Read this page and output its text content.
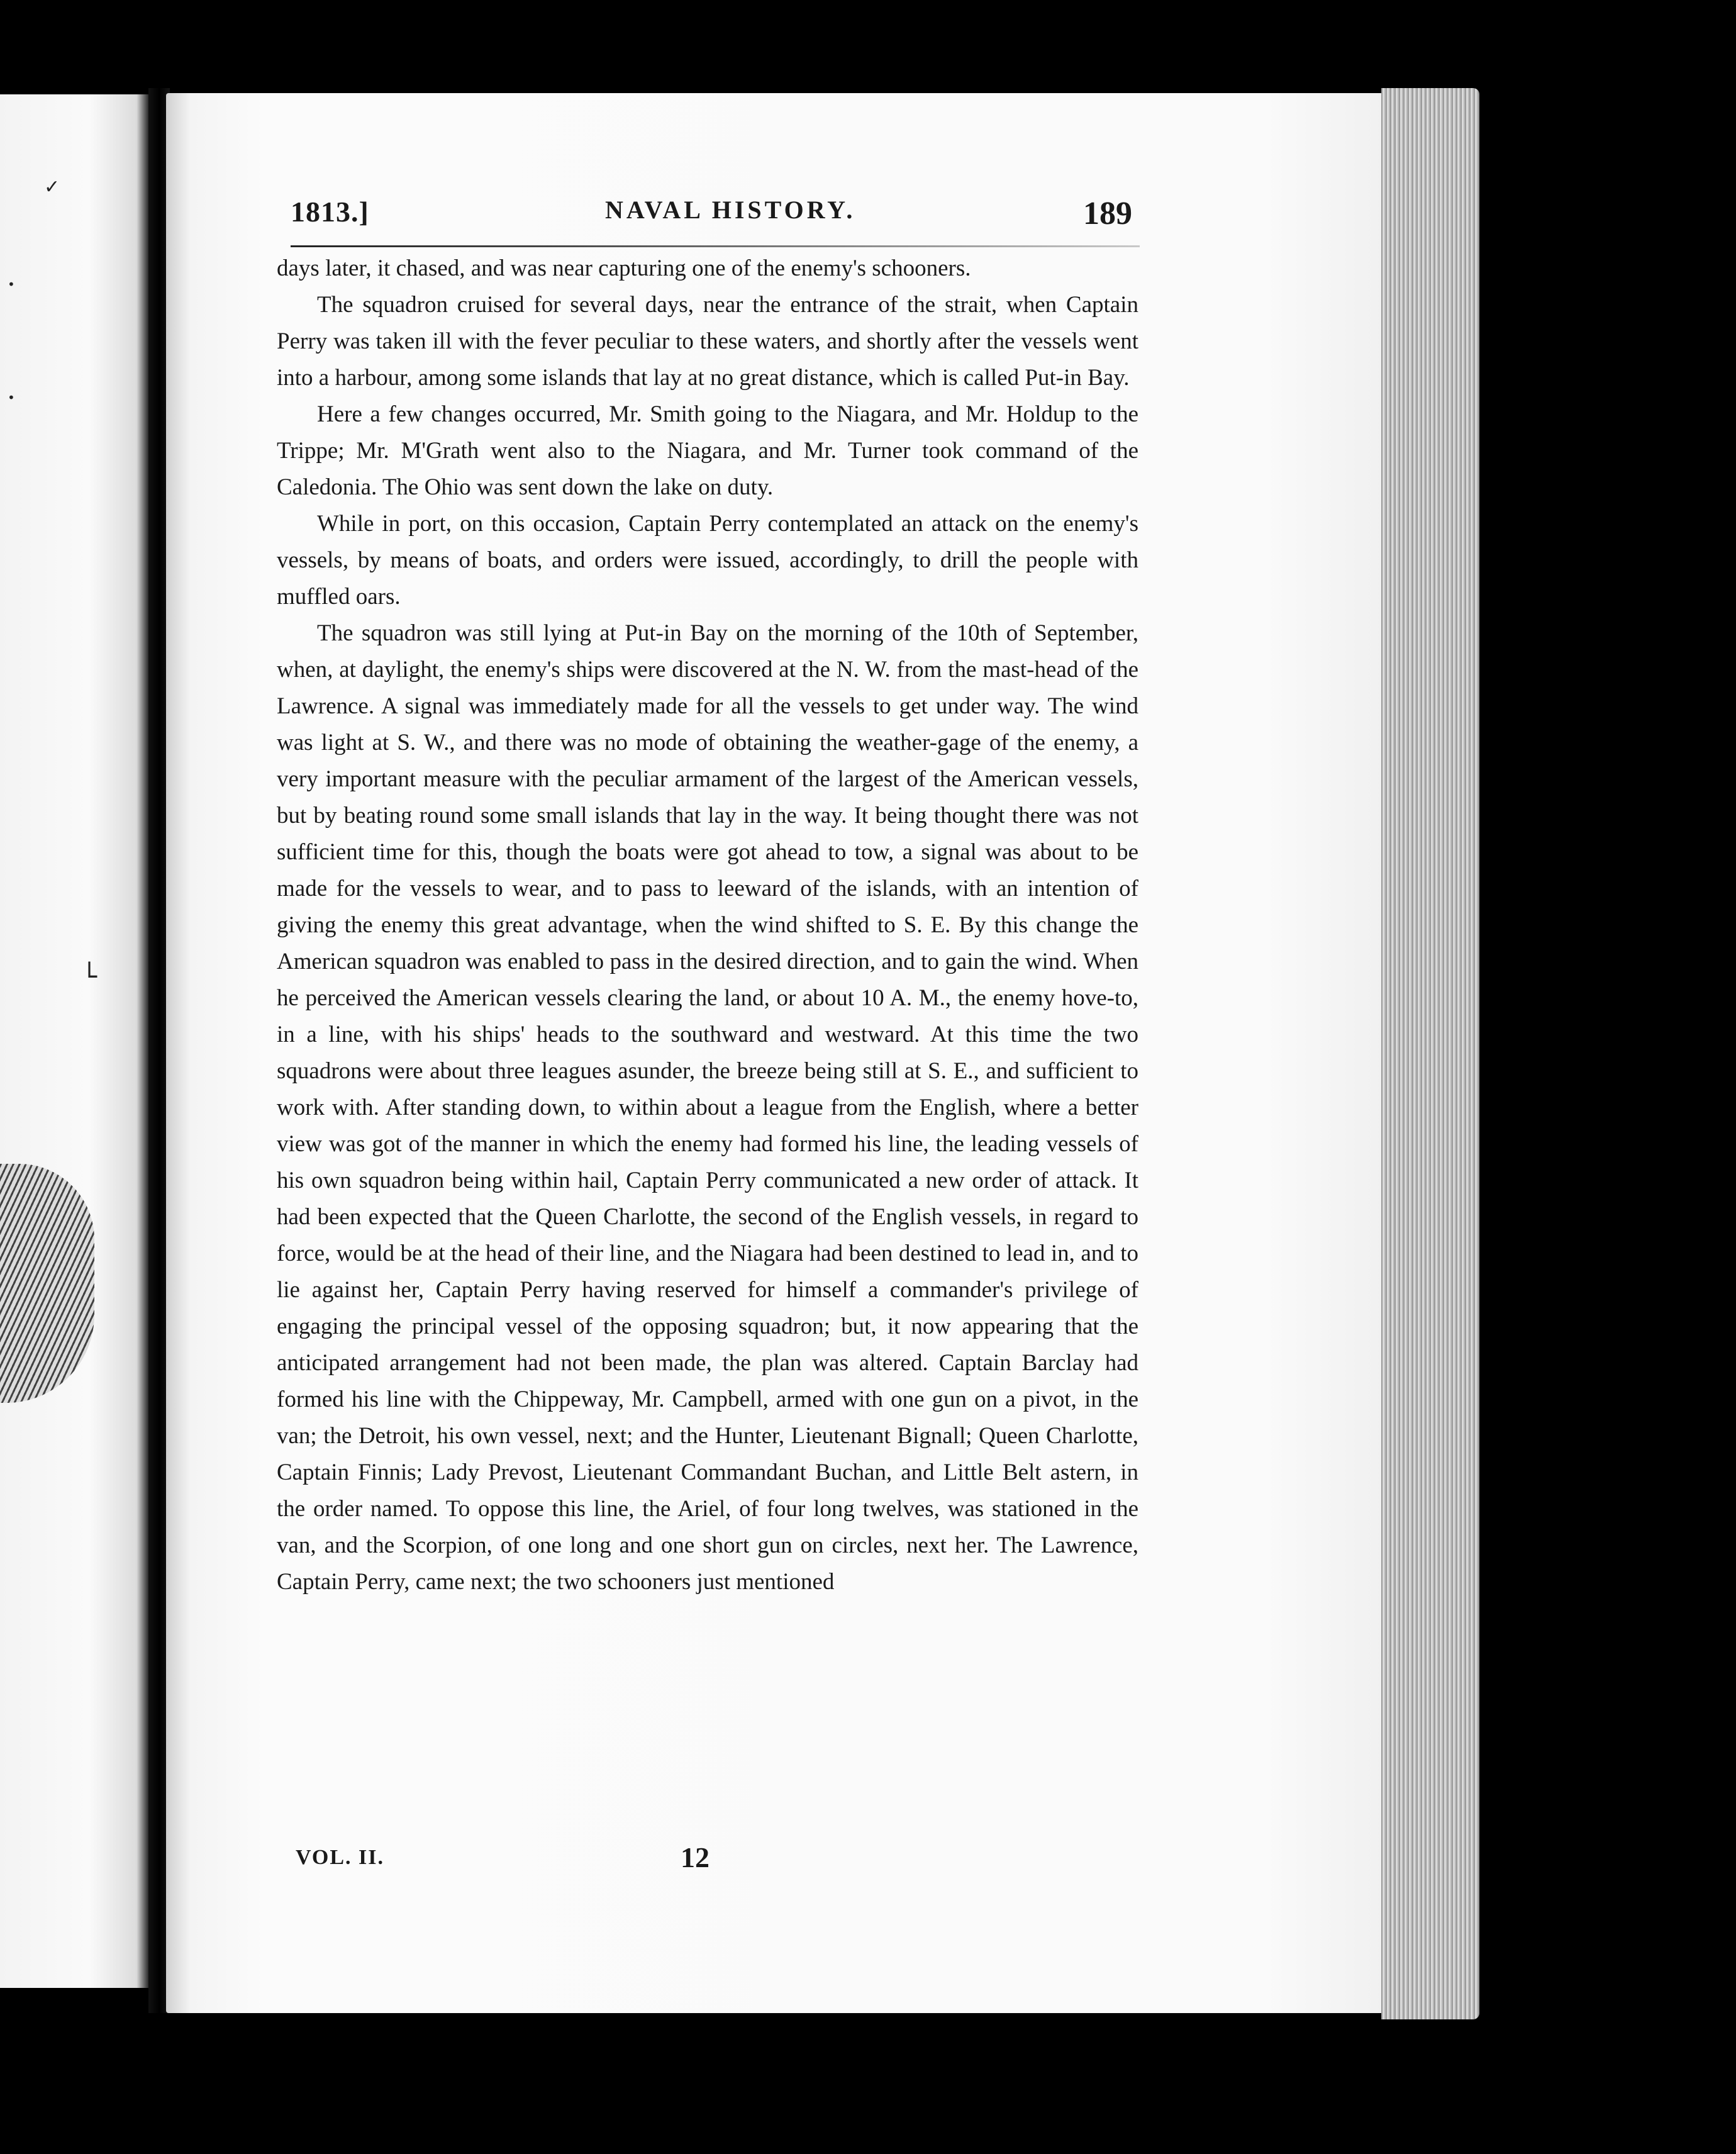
✓
•
•
└
1813.]	NAVAL HISTORY.	189

days later, it chased, and was near capturing one of the enemy's schooners.

The squadron cruised for several days, near the entrance of the strait, when Captain Perry was taken ill with the fever peculiar to these waters, and shortly after the vessels went into a harbour, among some islands that lay at no great distance, which is called Put-in Bay.

Here a few changes occurred, Mr. Smith going to the Niagara, and Mr. Holdup to the Trippe; Mr. M'Grath went also to the Niagara, and Mr. Turner took command of the Caledonia. The Ohio was sent down the lake on duty.

While in port, on this occasion, Captain Perry contemplated an attack on the enemy's vessels, by means of boats, and orders were issued, accordingly, to drill the people with muffled oars.

The squadron was still lying at Put-in Bay on the morning of the 10th of September, when, at daylight, the enemy's ships were discovered at the N. W. from the mast-head of the Lawrence. A signal was immediately made for all the vessels to get under way. The wind was light at S. W., and there was no mode of obtaining the weather-gage of the enemy, a very important measure with the peculiar armament of the largest of the American vessels, but by beating round some small islands that lay in the way. It being thought there was not sufficient time for this, though the boats were got ahead to tow, a signal was about to be made for the vessels to wear, and to pass to leeward of the islands, with an intention of giving the enemy this great advantage, when the wind shifted to S. E. By this change the American squadron was enabled to pass in the desired direction, and to gain the wind. When he perceived the American vessels clearing the land, or about 10 A. M., the enemy hove-to, in a line, with his ships' heads to the southward and westward. At this time the two squadrons were about three leagues asunder, the breeze being still at S. E., and sufficient to work with. After standing down, to within about a league from the English, where a better view was got of the manner in which the enemy had formed his line, the leading vessels of his own squadron being within hail, Captain Perry communicated a new order of attack. It had been expected that the Queen Charlotte, the second of the English vessels, in regard to force, would be at the head of their line, and the Niagara had been destined to lead in, and to lie against her, Captain Perry having reserved for himself a commander's privilege of engaging the principal vessel of the opposing squadron; but, it now appearing that the anticipated arrangement had not been made, the plan was altered. Captain Barclay had formed his line with the Chippeway, Mr. Campbell, armed with one gun on a pivot, in the van; the Detroit, his own vessel, next; and the Hunter, Lieutenant Bignall; Queen Charlotte, Captain Finnis; Lady Prevost, Lieutenant Commandant Buchan, and Little Belt astern, in the order named. To oppose this line, the Ariel, of four long twelves, was stationed in the van, and the Scorpion, of one long and one short gun on circles, next her. The Lawrence, Captain Perry, came next; the two schooners just mentioned

VOL. II.	12
